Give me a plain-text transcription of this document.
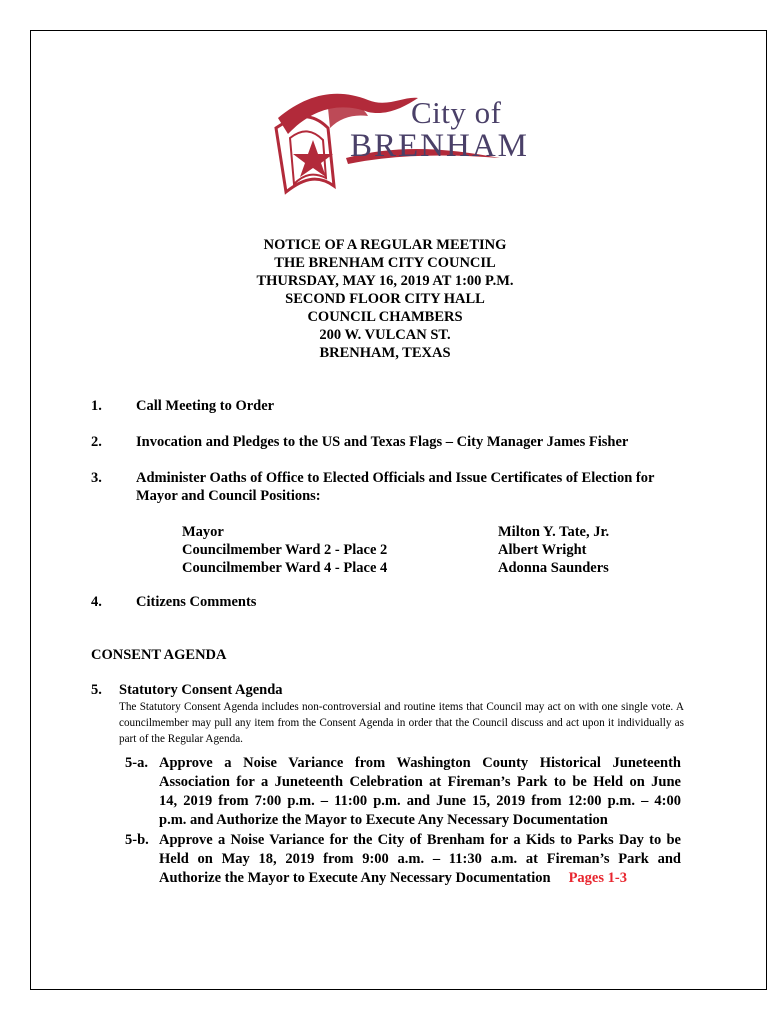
City of
BRENHAM
NOTICE OF A REGULAR MEETING
THE BRENHAM CITY COUNCIL
THURSDAY, MAY 16, 2019 AT 1:00 P.M.
SECOND FLOOR CITY HALL
COUNCIL CHAMBERS
200 W. VULCAN ST.
BRENHAM, TEXAS
1. Call Meeting to Order
2. Invocation and Pledges to the US and Texas Flags – City Manager James Fisher
3. Administer Oaths of Office to Elected Officials and Issue Certificates of Election for
Mayor and Council Positions:
Mayor
Councilmember Ward 2 - Place 2
Councilmember Ward 4 - Place 4
Milton Y. Tate, Jr.
Albert Wright
Adonna Saunders
4. Citizens Comments
CONSENT AGENDA
5. Statutory Consent Agenda
The Statutory Consent Agenda includes non-controversial and routine items that Council may act on with one single vote. A councilmember may pull any item from the Consent Agenda in order that the Council discuss and act upon it individually as part of the Regular Agenda.
5-a. Approve a Noise Variance from Washington County Historical Juneteenth
Association for a Juneteenth Celebration at Fireman’s Park to be Held on June
14, 2019 from 7:00 p.m. – 11:00 p.m. and June 15, 2019 from 12:00 p.m. – 4:00
p.m. and Authorize the Mayor to Execute Any Necessary Documentation
5-b. Approve a Noise Variance for the City of Brenham for a Kids to Parks Day to be
Held on May 18, 2019 from 9:00 a.m. – 11:30 a.m. at Fireman’s Park and
Authorize the Mayor to Execute Any Necessary Documentation Pages 1-3
